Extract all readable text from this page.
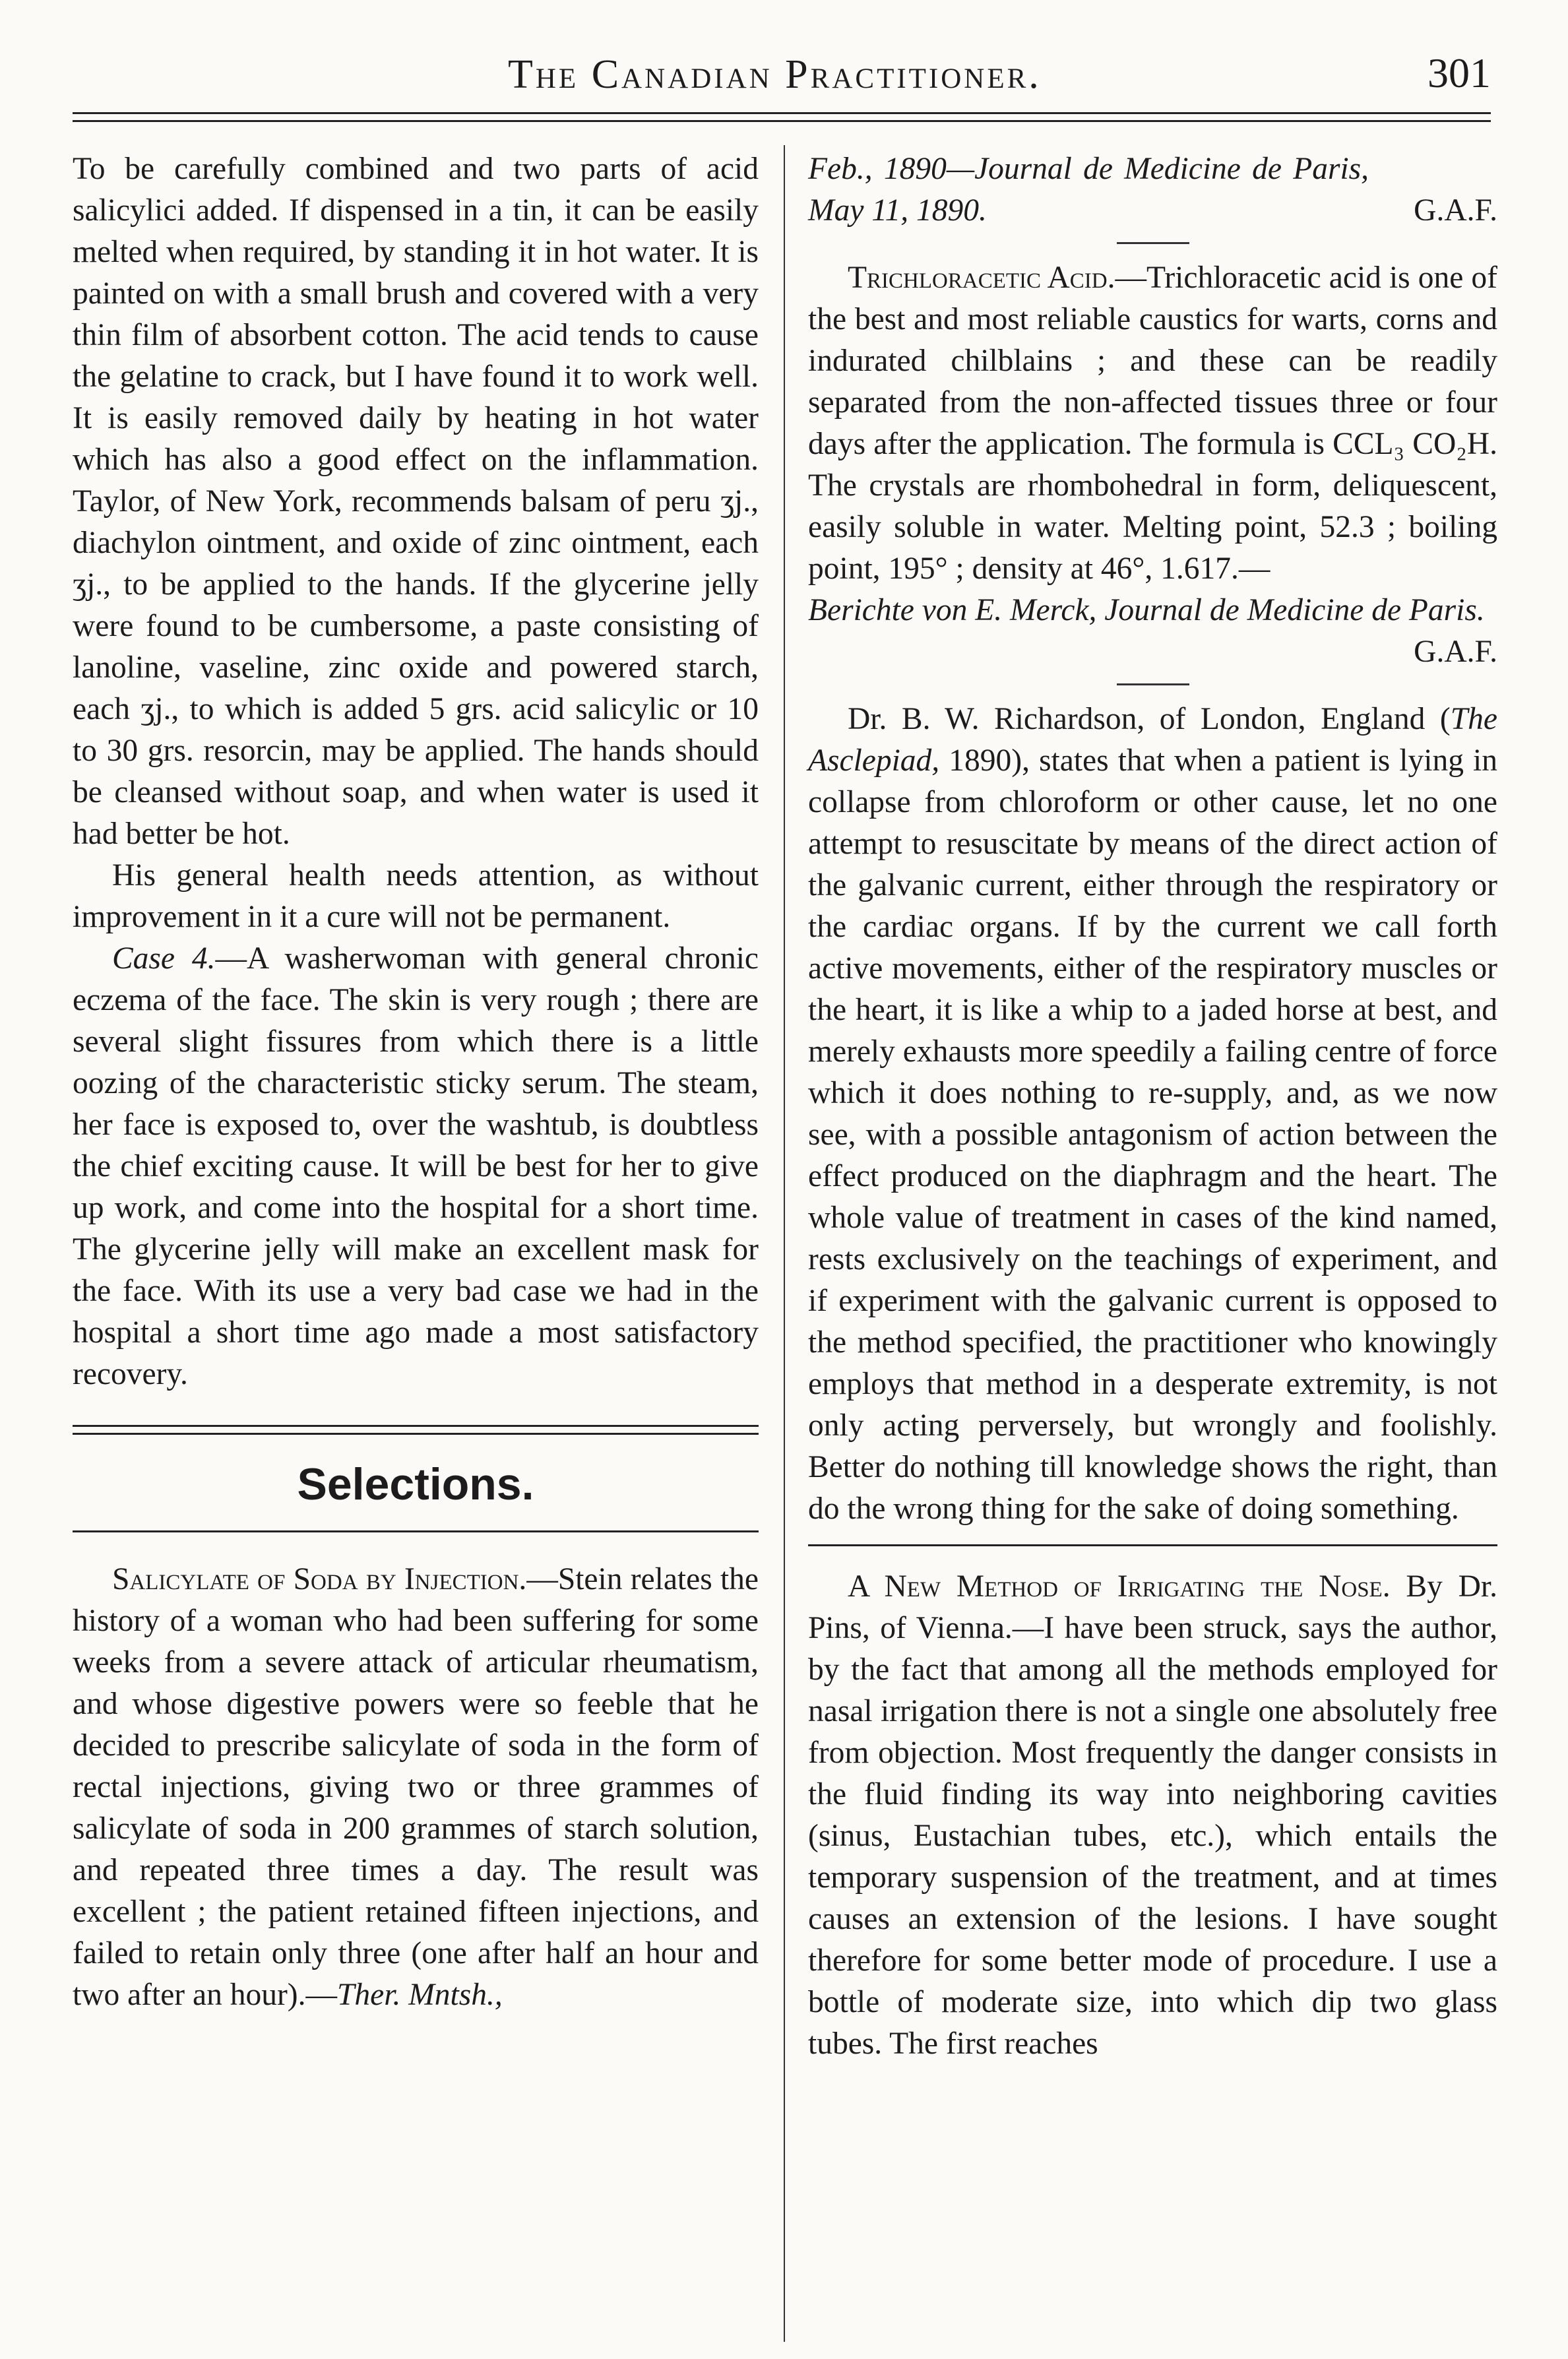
The Canadian Practitioner.	301

To be carefully combined and two parts of acid salicylici added. If dispensed in a tin, it can be easily melted when required, by standing it in hot water. It is painted on with a small brush and covered with a very thin film of absorbent cotton. The acid tends to cause the gelatine to crack, but I have found it to work well. It is easily removed daily by heating in hot water which has also a good effect on the inflammation. Taylor, of New York, recommends balsam of peru ʒj., diachylon ointment, and oxide of zinc ointment, each ʒj., to be applied to the hands. If the glycerine jelly were found to be cumbersome, a paste consisting of lanoline, vaseline, zinc oxide and powered starch, each ʒj., to which is added 5 grs. acid salicylic or 10 to 30 grs. resorcin, may be applied. The hands should be cleansed without soap, and when water is used it had better be hot.

His general health needs attention, as without improvement in it a cure will not be permanent.

Case 4.—A washerwoman with general chronic eczema of the face. The skin is very rough ; there are several slight fissures from which there is a little oozing of the characteristic sticky serum. The steam, her face is exposed to, over the washtub, is doubtless the chief exciting cause. It will be best for her to give up work, and come into the hospital for a short time. The glycerine jelly will make an excellent mask for the face. With its use a very bad case we had in the hospital a short time ago made a most satisfactory recovery.

Selections.

Salicylate of Soda by Injection.—Stein relates the history of a woman who had been suffering for some weeks from a severe attack of articular rheumatism, and whose digestive powers were so feeble that he decided to prescribe salicylate of soda in the form of rectal injections, giving two or three grammes of salicylate of soda in 200 grammes of starch solution, and repeated three times a day. The result was excellent ; the patient retained fifteen injections, and failed to retain only three (one after half an hour and two after an hour).—Ther. Mntsh.,

Feb., 1890—Journal de Medicine de Paris, May 11, 1890.	G.A.F.

Trichloracetic Acid.—Trichloracetic acid is one of the best and most reliable caustics for warts, corns and indurated chilblains ; and these can be readily separated from the non-affected tissues three or four days after the application. The formula is CCL₃ CO₂H. The crystals are rhombohedral in form, deliquescent, easily soluble in water. Melting point, 52.3 ; boiling point, 195° ; density at 46°, 1.617.—

Berichte von E. Merck, Journal de Medicine de Paris.
G.A.F.

Dr. B. W. Richardson, of London, England (The Asclepiad, 1890), states that when a patient is lying in collapse from chloroform or other cause, let no one attempt to resuscitate by means of the direct action of the galvanic current, either through the respiratory or the cardiac organs. If by the current we call forth active movements, either of the respiratory muscles or the heart, it is like a whip to a jaded horse at best, and merely exhausts more speedily a failing centre of force which it does nothing to re-supply, and, as we now see, with a possible antagonism of action between the effect produced on the diaphragm and the heart. The whole value of treatment in cases of the kind named, rests exclusively on the teachings of experiment, and if experiment with the galvanic current is opposed to the method specified, the practitioner who knowingly employs that method in a desperate extremity, is not only acting perversely, but wrongly and foolishly. Better do nothing till knowledge shows the right, than do the wrong thing for the sake of doing something.

A New Method of Irrigating the Nose. By Dr. Pins, of Vienna.—I have been struck, says the author, by the fact that among all the methods employed for nasal irrigation there is not a single one absolutely free from objection. Most frequently the danger consists in the fluid finding its way into neighboring cavities (sinus, Eustachian tubes, etc.), which entails the temporary suspension of the treatment, and at times causes an extension of the lesions. I have sought therefore for some better mode of procedure. I use a bottle of moderate size, into which dip two glass tubes. The first reaches
